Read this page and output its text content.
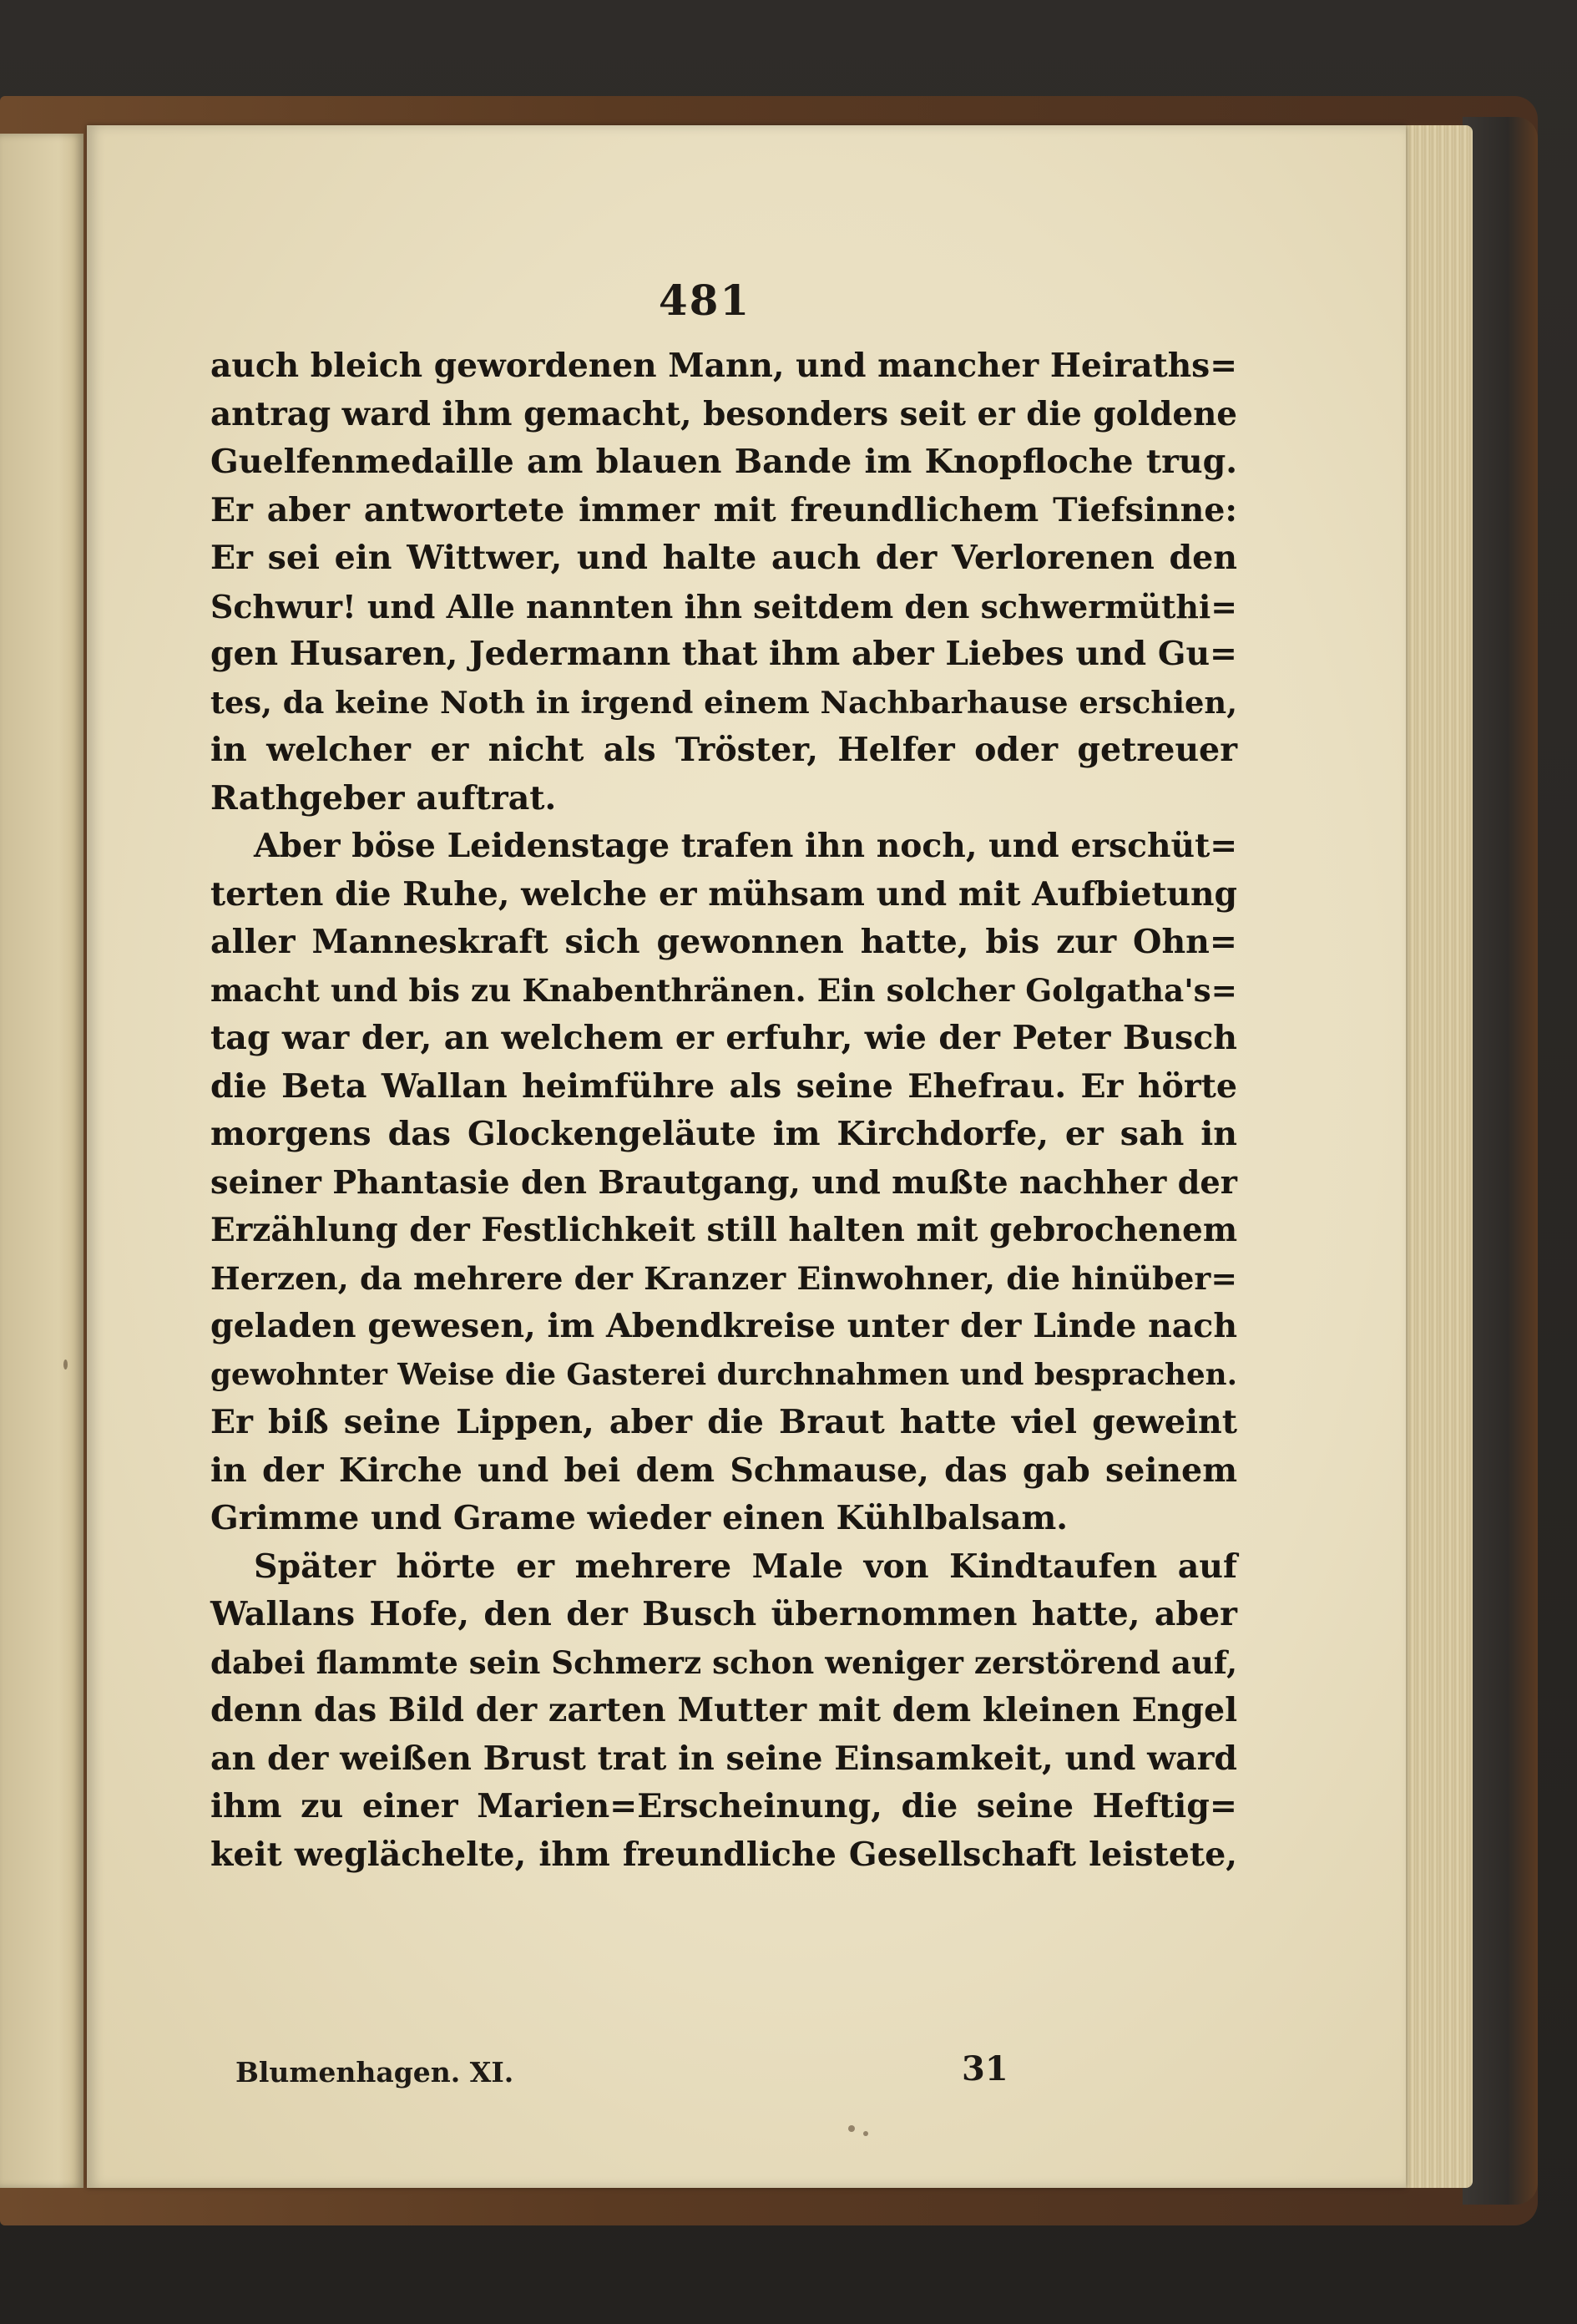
481
auch bleich gewordenen Mann, und mancher Heiraths=
antrag ward ihm gemacht, besonders seit er die goldene
Guelfenmedaille am blauen Bande im Knopfloche trug.
Er aber antwortete immer mit freundlichem Tiefsinne:
Er sei ein Wittwer, und halte auch der Verlorenen den
Schwur! und Alle nannten ihn seitdem den schwermüthi=
gen Husaren, Jedermann that ihm aber Liebes und Gu=
tes, da keine Noth in irgend einem Nachbarhause erschien,
in welcher er nicht als Tröster, Helfer oder getreuer
Rathgeber auftrat.
Aber böse Leidenstage trafen ihn noch, und erschüt=
terten die Ruhe, welche er mühsam und mit Aufbietung
aller Manneskraft sich gewonnen hatte, bis zur Ohn=
macht und bis zu Knabenthränen. Ein solcher Golgatha's=
tag war der, an welchem er erfuhr, wie der Peter Busch
die Beta Wallan heimführe als seine Ehefrau. Er hörte
morgens das Glockengeläute im Kirchdorfe, er sah in
seiner Phantasie den Brautgang, und mußte nachher der
Erzählung der Festlichkeit still halten mit gebrochenem
Herzen, da mehrere der Kranzer Einwohner, die hinüber=
geladen gewesen, im Abendkreise unter der Linde nach
gewohnter Weise die Gasterei durchnahmen und besprachen.
Er biß seine Lippen, aber die Braut hatte viel geweint
in der Kirche und bei dem Schmause, das gab seinem
Grimme und Grame wieder einen Kühlbalsam.
Später hörte er mehrere Male von Kindtaufen auf
Wallans Hofe, den der Busch übernommen hatte, aber
dabei flammte sein Schmerz schon weniger zerstörend auf,
denn das Bild der zarten Mutter mit dem kleinen Engel
an der weißen Brust trat in seine Einsamkeit, und ward
ihm zu einer Marien=Erscheinung, die seine Heftig=
keit weglächelte, ihm freundliche Gesellschaft leistete,
Blumenhagen. XI.	31
